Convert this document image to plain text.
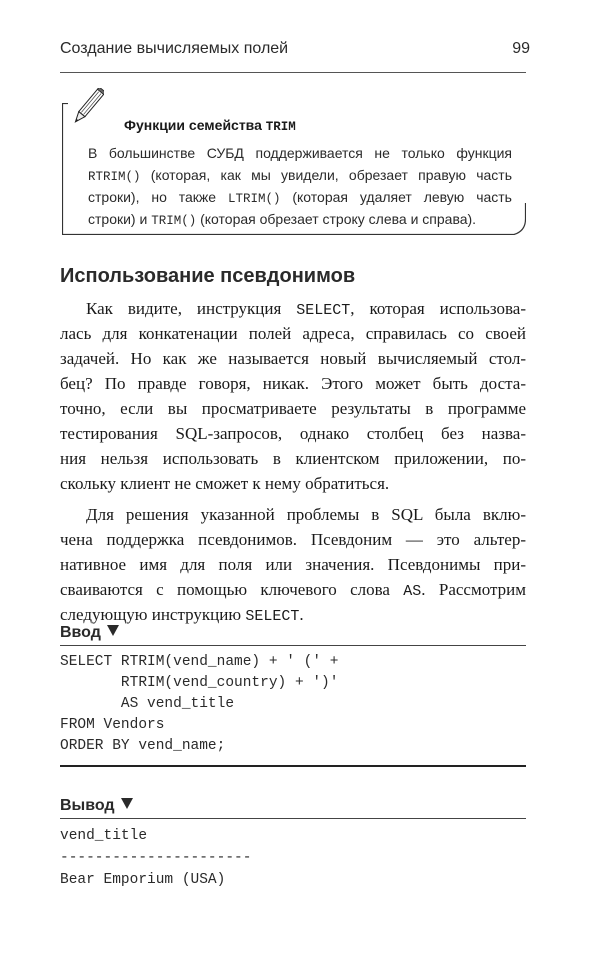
Создание вычисляемых полей	99
Функции семейства TRIM
В большинстве СУБД поддерживается не только функция
RTRIM() (которая, как мы увидели, обрезает правую часть
строки), но также LTRIM() (которая удаляет левую часть
строки) и TRIM() (которая обрезает строку слева и справа).
Использование псевдонимов
Как видите, инструкция SELECT, которая использова-
лась для конкатенации полей адреса, справилась со своей
задачей. Но как же называется новый вычисляемый стол-
бец? По правде говоря, никак. Этого может быть доста-
точно, если вы просматриваете результаты в программе
тестирования SQL-запросов, однако столбец без назва-
ния нельзя использовать в клиентском приложении, по-
скольку клиент не сможет к нему обратиться.
Для решения указанной проблемы в SQL была вклю-
чена поддержка псевдонимов. Псевдоним — это альтер-
нативное имя для поля или значения. Псевдонимы при-
сваиваются с помощью ключевого слова AS. Рассмотрим
следующую инструкцию SELECT.
Ввод
SELECT RTRIM(vend_name) + ' (' +
RTRIM(vend_country) + ')'
AS vend_title
FROM Vendors
ORDER BY vend_name;
Вывод
vend_title
----------------------
Bear Emporium (USA)
